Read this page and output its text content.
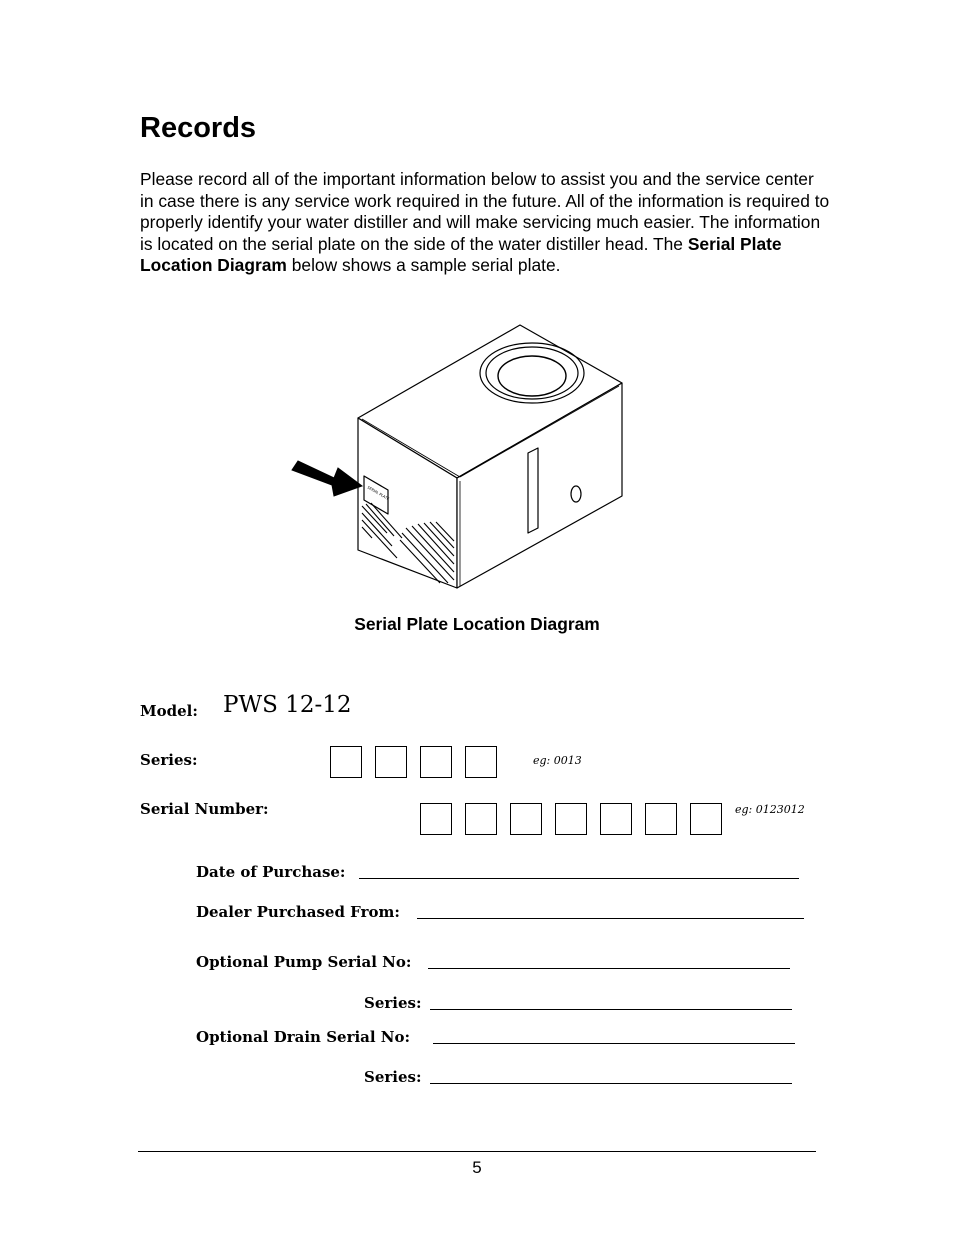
Records
Please record all of the important information below to assist you and the service center in case there is any service work required in the future. All of the information is required to properly identify your water distiller and will make servicing much easier. The information is located on the serial plate on the side of the water distiller head. The Serial Plate Location Diagram below shows a sample serial plate.
SERIAL PLATE
Serial Plate Location Diagram
Model: PWS 12-12
Series:	eg: 0013
Serial Number:	eg: 0123012
Date of Purchase:
Dealer Purchased From:
Optional Pump Serial No:
Series:
Optional Drain Serial No:
Series:
5
